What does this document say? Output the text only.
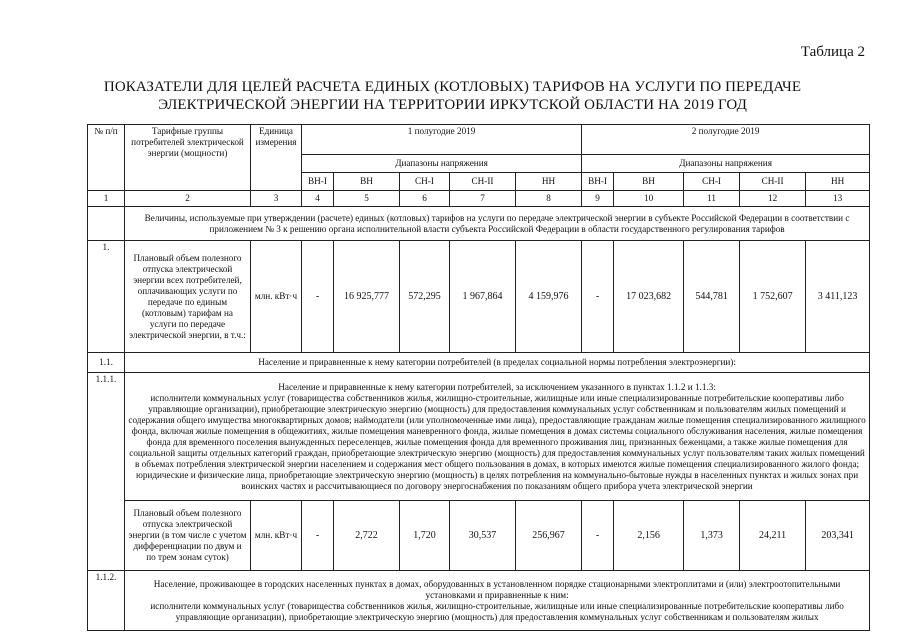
Таблица 2
ПОКАЗАТЕЛИ ДЛЯ ЦЕЛЕЙ РАСЧЕТА ЕДИНЫХ (КОТЛОВЫХ) ТАРИФОВ НА УСЛУГИ ПО ПЕРЕДАЧЕ
ЭЛЕКТРИЧЕСКОЙ ЭНЕРГИИ НА ТЕРРИТОРИИ ИРКУТСКОЙ ОБЛАСТИ НА 2019 ГОД
№ п/п	Тарифные группы потребителей электрической энергии (мощности)	Единица измерения	1 полугодие 2019					2 полугодие 2019				
			Диапазоны напряжения					Диапазоны напряжения				
			ВН-I	ВН	СН-I	СН-II	НН	ВН-I	ВН	СН-I	СН-II	НН
1	2	3	4	5	6	7	8	9	10	11	12	13
	Величины, используемые при утверждении (расчете) единых (котловых) тарифов на услуги по передаче электрической энергии в субъекте Российской Федерации в соответствии с приложением № 3 к решению органа исполнительной власти субъекта Российской Федерации в области государственного регулирования тарифов											
1.	Плановый объем полезного отпуска электрической энергии всех потребителей, оплачивающих услуги по передаче по единым (котловым) тарифам на услуги по передаче электрической энергии, в т.ч.:	млн. кВт·ч	-	16 925,777	572,295	1 967,864	4 159,976	-	17 023,682	544,781	1 752,607	3 411,123
1.1.	Население и приравненные к нему категории потребителей (в пределах социальной нормы потребления электроэнергии):											
1.1.1.	Население и приравненные к нему категории потребителей, за исключением указанного в пунктах 1.1.2 и 1.1.3:

исполнители коммунальных услуг (товарищества собственников жилья, жилищно-строительные, жилищные или иные специализированные потребительские кооперативы либо управляющие организации), приобретающие электрическую энергию (мощность) для предоставления коммунальных услуг собственникам и пользователям жилых помещений и содержания общего имущества многоквартирных домов; наймодатели (или уполномоченные ими лица), предоставляющие гражданам жилые помещения специализированного жилищного фонда, включая жилые помещения в общежитиях, жилые помещения маневренного фонда, жилые помещения в домах системы социального обслуживания населения, жилые помещения фонда для временного поселения вынужденных переселенцев, жилые помещения фонда для временного проживания лиц, признанных беженцами, а также жилые помещения для социальной защиты отдельных категорий граждан, приобретающие электрическую энергию (мощность) для предоставления коммунальных услуг пользователям таких жилых помещений в объемах потребления электрической энергии населением и содержания мест общего пользования в домах, в которых имеются жилые помещения специализированного жилого фонда;

юридические и физические лица, приобретающие электрическую энергию (мощность) в целях потребления на коммунально-бытовые нужды в населенных пунктах и жилых зонах при воинских частях и рассчитывающиеся по договору энергоснабжения по показаниям общего прибора учета электрической энергии											

	Плановый объем полезного отпуска электрической энергии (в том числе с учетом дифференциации по двум и по трем зонам суток)	млн. кВт·ч	-	2,722	1,720	30,537	256,967	-	2,156	1,373	24,211	203,341
1.1.2.	Население, проживающее в городских населенных пунктах в домах, оборудованных в установленном порядке стационарными электроплитами и (или) электроотопительными установками и приравненные к ним:

исполнители коммунальных услуг (товарищества собственников жилья, жилищно-строительные, жилищные или иные специализированные потребительские кооперативы либо управляющие организации), приобретающие электрическую энергию (мощность) для предоставления коммунальных услуг собственникам и пользователям жилых											
